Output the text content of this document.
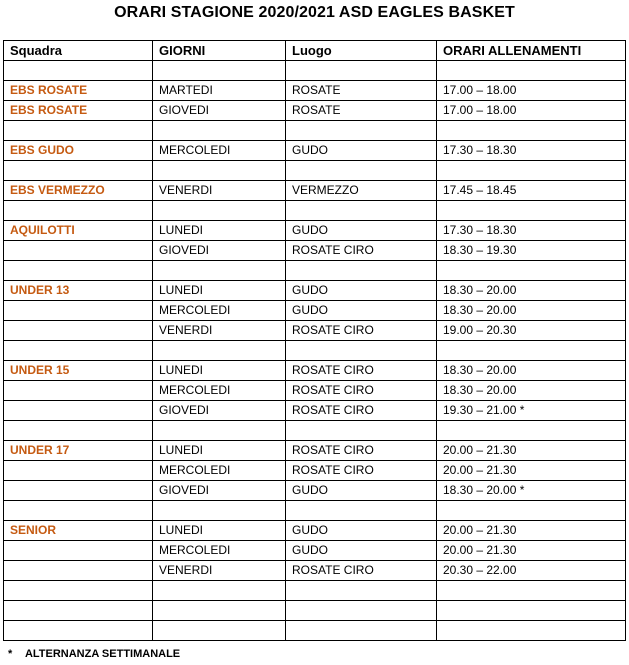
ORARI STAGIONE 2020/2021 ASD EAGLES BASKET
Squadra	GIORNI	Luogo	ORARI ALLENAMENTI

EBS ROSATE	MARTEDI	ROSATE	17.00 – 18.00
EBS ROSATE	GIOVEDI	ROSATE	17.00 – 18.00

EBS GUDO	MERCOLEDI	GUDO	17.30 – 18.30

EBS VERMEZZO	VENERDI	VERMEZZO	17.45 – 18.45

AQUILOTTI	LUNEDI	GUDO	17.30 – 18.30
	GIOVEDI	ROSATE CIRO	18.30 – 19.30

UNDER 13	LUNEDI	GUDO	18.30 – 20.00
	MERCOLEDI	GUDO	18.30 – 20.00
	VENERDI	ROSATE CIRO	19.00 – 20.30

UNDER 15	LUNEDI	ROSATE CIRO	18.30 – 20.00
	MERCOLEDI	ROSATE CIRO	18.30 – 20.00
	GIOVEDI	ROSATE CIRO	19.30 – 21.00 *

UNDER 17	LUNEDI	ROSATE CIRO	20.00 – 21.30
	MERCOLEDI	ROSATE CIRO	20.00 – 21.30
	GIOVEDI	GUDO	18.30 – 20.00 *

SENIOR	LUNEDI	GUDO	20.00 – 21.30
	MERCOLEDI	GUDO	20.00 – 21.30
	VENERDI	ROSATE CIRO	20.30 – 22.00

* ALTERNANZA SETTIMANALE
